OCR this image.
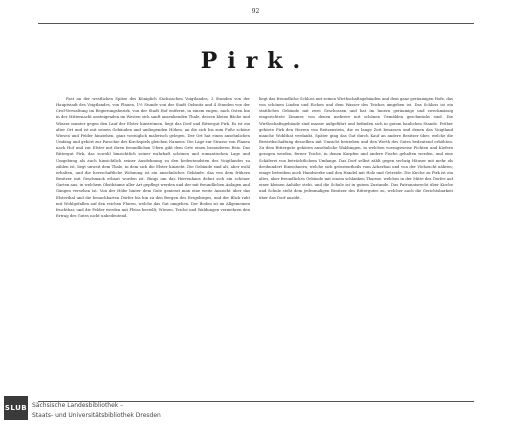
92
Pirk.

Fast an der westlichen Spitze des Königlich Sächsischen Voigtlandes, 2 Stunden von der Hauptstadt des Voigtlandes, von Plauen, 1½ Stunde von der Stadt Oelsnitz und 4 Stunden von der Civil-Verwaltung im Regierungsbezirk, von der Stadt Hof entfernt, in einem engen, nach Osten hin in der Mitternacht ansteigenden im Westen sich sanft ansenkenden Thale, dessen kleine Bäche und Wässer munter gegen den Lauf der Elster hinströmen, liegt das Dorf und Rittergut Pirk. Es ist ein alter Ort und ist mit seinen Gebäuden und umliegenden Höhen, an die sich bis zum Fuße schöne Wiesen und Felder hinziehen, ganz vorzüglich malerisch gelegen. Der Ort hat einen ansehnlichen Umfang und gehört zur Parochie des Kirchspiels gleichen Namens. Die Lage zur Strasse von Plauen nach Hof und zur Elster mit ihren freundlichen Ufern gibt dem Orte einen besonderen Reiz. Das Rittergut Pirk, das sowohl hinsichtlich seiner wahrhaft schönen und romantischen Lage und Umgebung als auch hinsichtlich seiner Ausdehnung zu den bedeutendsten des Voigtlandes zu zählen ist, liegt unweit dem Thale, in dem sich die Elster hinzieht. Die Gebäude sind alt, aber wohl erhalten, und die herrschaftliche Wohnung ist ein ansehnliches Gebäude, das von dem frühern Besitzer mit Geschmack erbaut worden ist. Rings um das Herrenhaus dehnt sich ein schöner Garten aus, in welchem Obstbäume aller Art gepflegt werden und der mit freundlichen Anlagen und Gängen versehen ist. Von der Höhe hinter dem Gute geniesst man eine weite Aussicht über das Elsterthal und die benachbarten Dörfer bis hin zu den Bergen des Erzgebirges, und der Blick ruht mit Wohlgefallen auf den reichen Fluren, welche das Gut umgeben. Der Boden ist im Allgemeinen fruchtbar, und die Felder werden mit Fleiss bestellt; Wiesen, Teiche und Waldungen vermehren den Ertrag des Gutes nicht unbedeutend.

liegt das freundliche Schloss mit seinen Wirthschaftsgebäuden und dem ganz geräumigen Hofe, das von schönen Linden und Eichen und dem Wasser des Teiches umgeben ist. Das Schloss ist ein stattliches Gebäude mit zwei Geschossen und hat im Innern geräumige und zweckmässig eingerichtete Zimmer, von denen mehrere mit schönen Gemälden geschmückt sind. Die Wirthschaftsgebäude sind massiv aufgeführt und befinden sich in gutem baulichen Stande. Früher gehörte Pirk den Herren von Reitzenstein, die es lange Zeit besassen und denen das Voigtland manche Wohlthat verdankt. Später ging das Gut durch Kauf an andere Besitzer über, welche die Bewirthschaftung desselben mit Umsicht betrieben und den Werth des Gutes bedeutend erhöhten. Zu dem Rittergute gehören ansehnliche Waldungen, in welchen vorzugsweise Fichten und Kiefern gezogen werden, ferner Teiche, in denen Karpfen und andere Fische gehalten werden, und eine Schäferei von beträchtlichem Umfange. Das Dorf selbst zählt gegen sechzig Häuser mit mehr als dreihundert Einwohnern, welche sich grösstentheils vom Ackerbau und von der Viehzucht nähren; einige betreiben auch Handwerke und den Handel mit Holz und Getreide. Die Kirche zu Pirk ist ein altes, aber freundliches Gebäude mit einem schlanken Thurme, welches in der Mitte des Dorfes auf einer kleinen Anhöhe steht, und die Schule ist in gutem Zustande. Das Patronatsrecht über Kirche und Schule steht dem jedesmaligen Besitzer des Rittergutes zu, welcher auch die Gerichtsbarkeit über das Dorf ausübt.

SLUB Sächsische Landesbibliothek –
Staats- und Universitätsbibliothek Dresden
